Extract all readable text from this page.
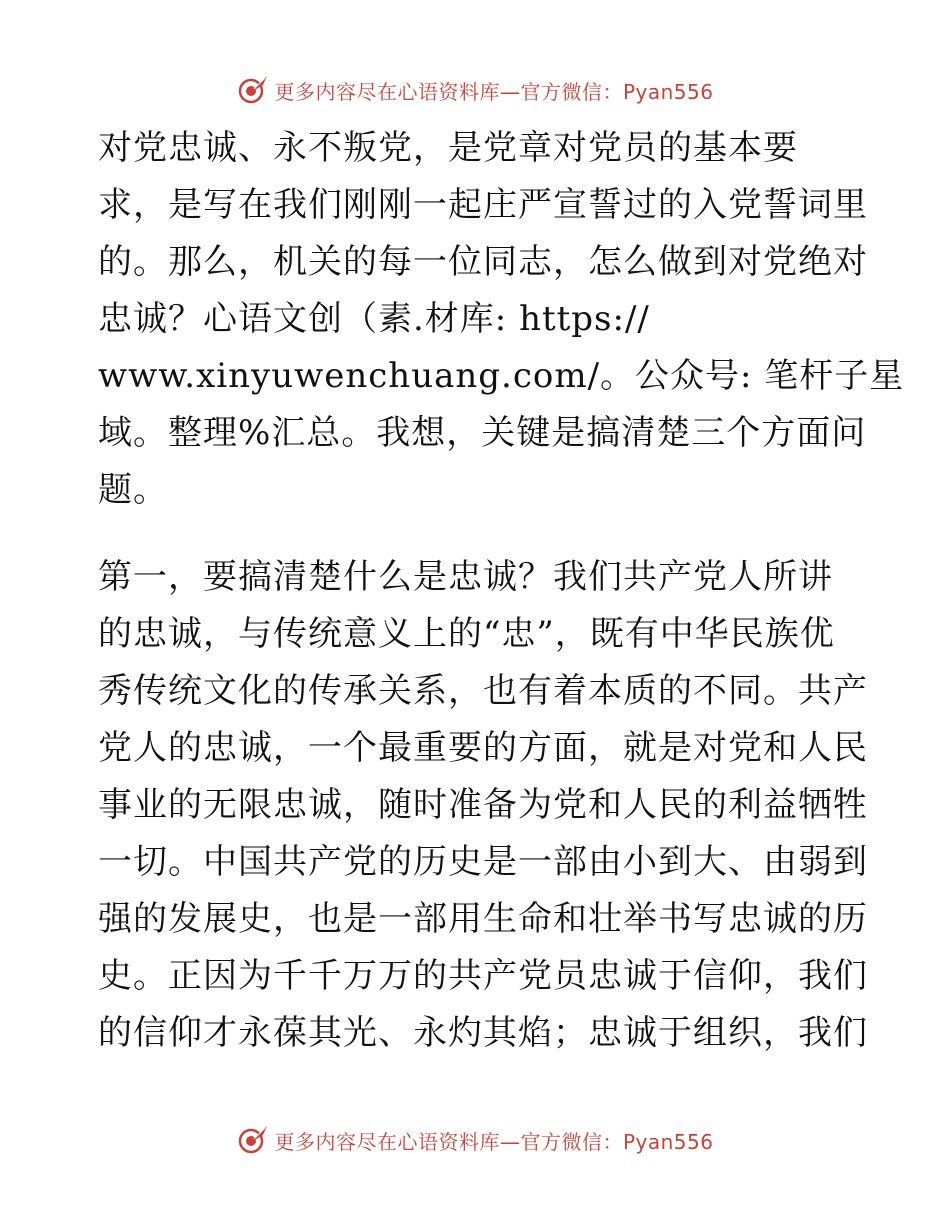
更多内容尽在心语资料库—官方微信：Pyan556

对党忠诚、永不叛党，是党章对党员的基本要
求，是写在我们刚刚一起庄严宣誓过的入党誓词里
的。那么，机关的每一位同志，怎么做到对党绝对
忠诚？心语文创（素.材库: https://
www.xinyuwenchuang.com/。公众号: 笔杆子星
域。整理%汇总。我想，关键是搞清楚三个方面问
题。

第一，要搞清楚什么是忠诚？我们共产党人所讲
的忠诚，与传统意义上的“忠”，既有中华民族优
秀传统文化的传承关系，也有着本质的不同。共产
党人的忠诚，一个最重要的方面，就是对党和人民
事业的无限忠诚，随时准备为党和人民的利益牺牲
一切。中国共产党的历史是一部由小到大、由弱到
强的发展史，也是一部用生命和壮举书写忠诚的历
史。正因为千千万万的共产党员忠诚于信仰，我们
的信仰才永葆其光、永灼其焰；忠诚于组织，我们

更多内容尽在心语资料库—官方微信：Pyan556
